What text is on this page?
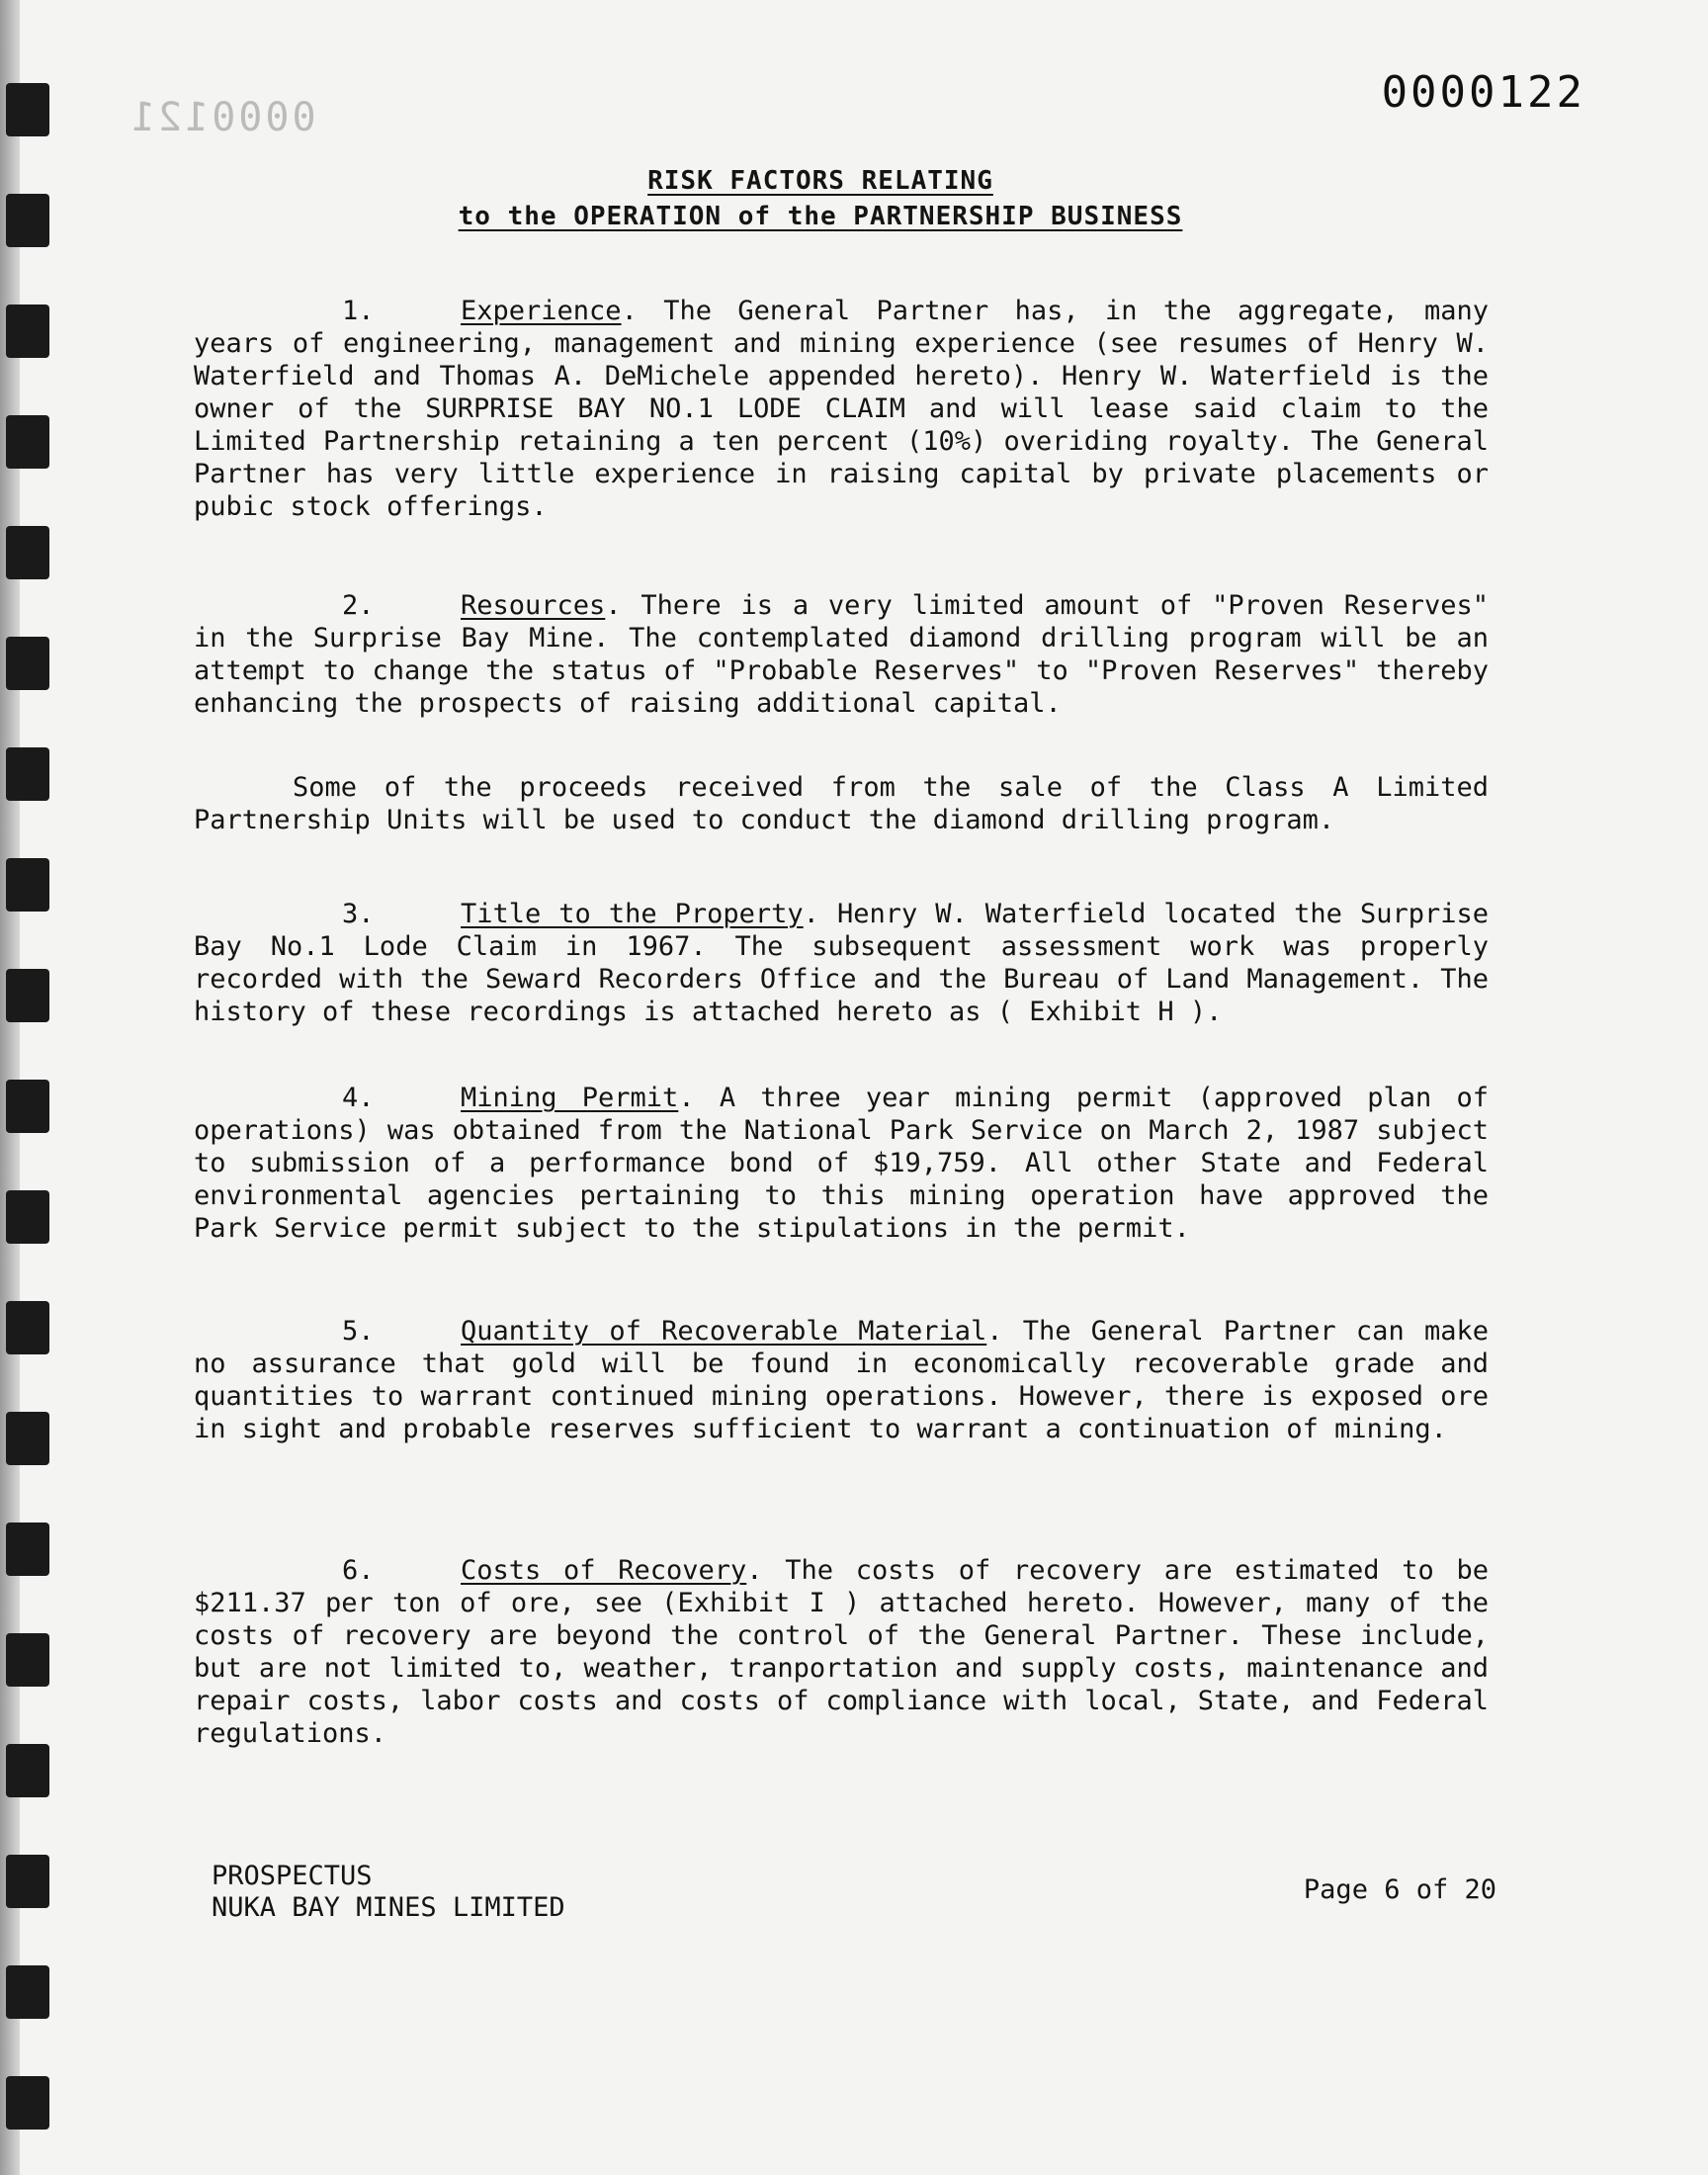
0000121	0000122
RISK FACTORS RELATING
to the OPERATION of the PARTNERSHIP BUSINESS
1.	Experience. The General Partner has, in the aggregate, many years of engineering, management and mining experience (see resumes of Henry W. Waterfield and Thomas A. DeMichele appended hereto). Henry W. Waterfield is the owner of the SURPRISE BAY NO.1 LODE CLAIM and will lease said claim to the Limited Partnership retaining a ten percent (10%) overiding royalty. The General Partner has very little experience in raising capital by private placements or pubic stock offerings.
2.	Resources. There is a very limited amount of "Proven Reserves" in the Surprise Bay Mine. The contemplated diamond drilling program will be an attempt to change the status of "Probable Reserves" to "Proven Reserves" thereby enhancing the prospects of raising additional capital.
Some of the proceeds received from the sale of the Class A Limited Partnership Units will be used to conduct the diamond drilling program.
3.	Title to the Property. Henry W. Waterfield located the Surprise Bay No.1 Lode Claim in 1967. The subsequent assessment work was properly recorded with the Seward Recorders Office and the Bureau of Land Management. The history of these recordings is attached hereto as ( Exhibit H ).
4.	Mining Permit. A three year mining permit (approved plan of operations) was obtained from the National Park Service on March 2, 1987 subject to submission of a performance bond of $19,759. All other State and Federal environmental agencies pertaining to this mining operation have approved the Park Service permit subject to the stipulations in the permit.
5.	Quantity of Recoverable Material. The General Partner can make no assurance that gold will be found in economically recoverable grade and quantities to warrant continued mining operations. However, there is exposed ore in sight and probable reserves sufficient to warrant a continuation of mining.
6.	Costs of Recovery. The costs of recovery are estimated to be $211.37 per ton of ore, see (Exhibit I ) attached hereto. However, many of the costs of recovery are beyond the control of the General Partner. These include, but are not limited to, weather, tranportation and supply costs, maintenance and repair costs, labor costs and costs of compliance with local, State, and Federal regulations.
PROSPECTUS
NUKA BAY MINES LIMITED
Page 6 of 20
